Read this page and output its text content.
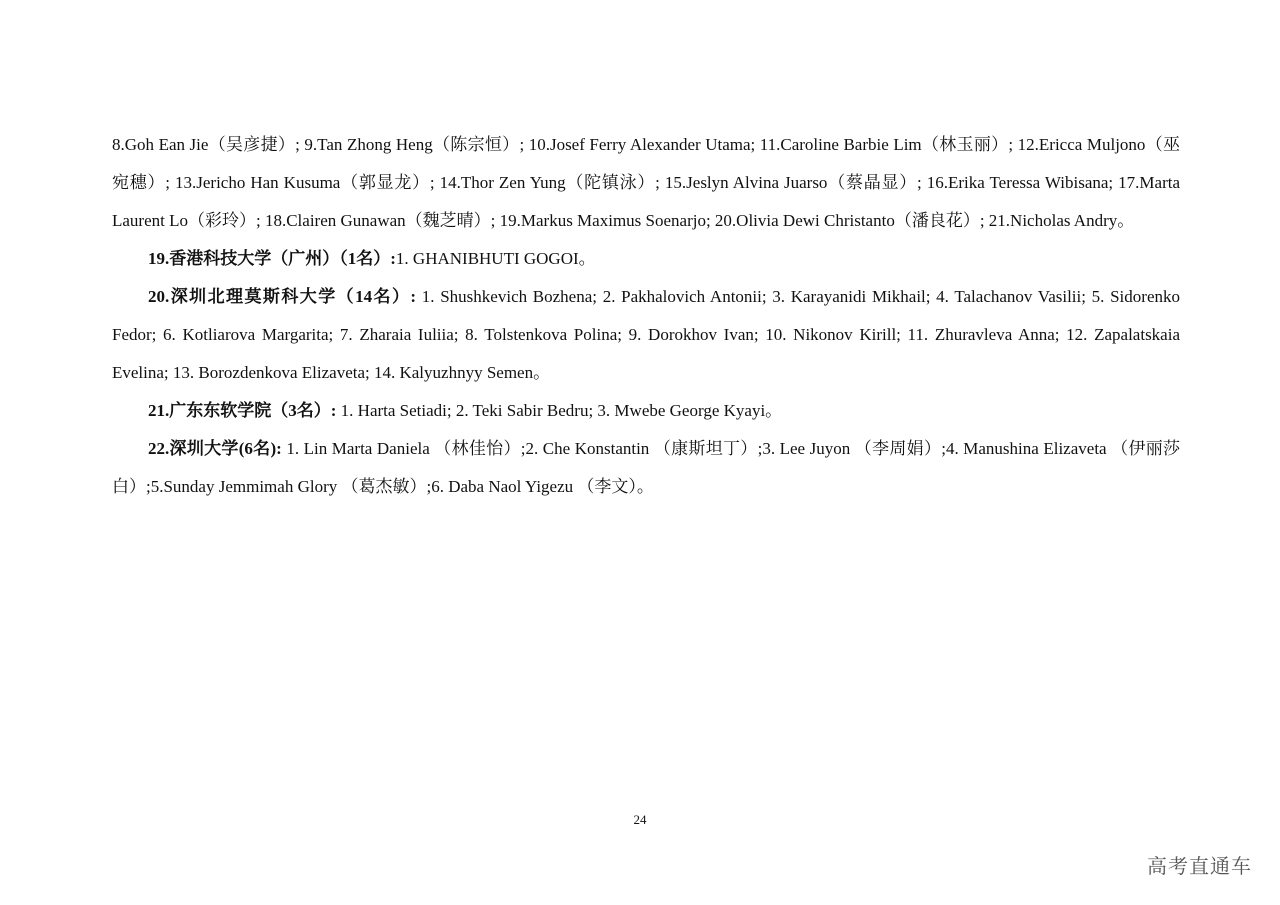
8.Goh Ean Jie（吴彦捷）; 9.Tan Zhong Heng（陈宗恒）; 10.Josef Ferry Alexander Utama; 11.Caroline Barbie Lim（林玉丽）; 12.Ericca Muljono（巫宛穗）; 13.Jericho Han Kusuma（郭显龙）; 14.Thor Zen Yung（陀镇泳）; 15.Jeslyn Alvina Juarso（蔡晶显）; 16.Erika Teressa Wibisana; 17.Marta Laurent Lo（彩玲）; 18.Clairen Gunawan（魏芝晴）; 19.Markus Maximus Soenarjo; 20.Olivia Dewi Christanto（潘良花）; 21.Nicholas Andry。

19.香港科技大学（广州）（1名）:1. GHANIBHUTI GOGOI。

20.深圳北理莫斯科大学（14名）: 1. Shushkevich Bozhena; 2. Pakhalovich Antonii; 3. Karayanidi Mikhail; 4. Talachanov Vasilii; 5. Sidorenko Fedor; 6. Kotliarova Margarita; 7. Zharaia Iuliia; 8. Tolstenkova Polina; 9. Dorokhov Ivan; 10. Nikonov Kirill; 11. Zhuravleva Anna; 12. Zapalatskaia Evelina; 13. Borozdenkova Elizaveta; 14. Kalyuzhnyy Semen。

21.广东东软学院（3名）: 1. Harta Setiadi; 2. Teki Sabir Bedru; 3. Mwebe George Kyayi。

22.深圳大学(6名): 1. Lin Marta Daniela （林佳怡）;2. Che Konstantin （康斯坦丁）;3. Lee Juyon （李周娟）;4. Manushina Elizaveta （伊丽莎白）;5.Sunday Jemmimah Glory （葛杰敏）;6. Daba Naol Yigezu （李文）。

24
高考直通车
